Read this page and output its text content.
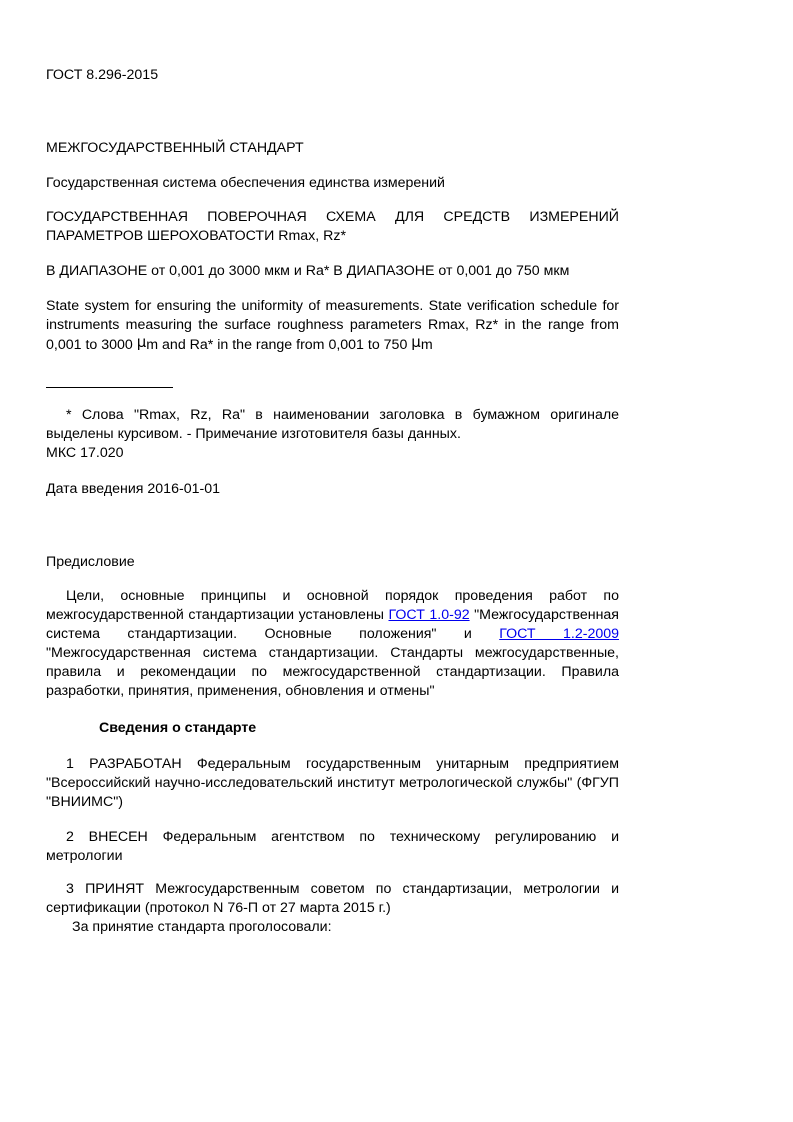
ГОСТ 8.296-2015

МЕЖГОСУДАРСТВЕННЫЙ СТАНДАРТ

Государственная система обеспечения единства измерений

ГОСУДАРСТВЕННАЯ ПОВЕРОЧНАЯ СХЕМА ДЛЯ СРЕДСТВ ИЗМЕРЕНИЙ ПАРАМЕТРОВ ШЕРОХОВАТОСТИ Rmax, Rz*

В ДИАПАЗОНЕ от 0,001 до 3000 мкм и Ra* В ДИАПАЗОНЕ от 0,001 до 750 мкм

State system for ensuring the uniformity of measurements. State verification schedule for instruments measuring the surface roughness parameters Rmax, Rz* in the range from 0,001 to 3000 μm and Ra* in the range from 0,001 to 750 μm

* Слова "Rmax, Rz, Ra" в наименовании заголовка в бумажном оригинале выделены курсивом. - Примечание изготовителя базы данных.

МКС 17.020

Дата введения 2016-01-01

Предисловие

Цели, основные принципы и основной порядок проведения работ по межгосударственной стандартизации установлены ГОСТ 1.0-92 "Межгосударственная система стандартизации. Основные положения" и ГОСТ 1.2-2009 "Межгосударственная система стандартизации. Стандарты межгосударственные, правила и рекомендации по межгосударственной стандартизации. Правила разработки, принятия, применения, обновления и отмены"

Сведения о стандарте

1 РАЗРАБОТАН Федеральным государственным унитарным предприятием "Всероссийский научно-исследовательский институт метрологической службы" (ФГУП "ВНИИМС")

2 ВНЕСЕН Федеральным агентством по техническому регулированию и метрологии

3 ПРИНЯТ Межгосударственным советом по стандартизации, метрологии и сертификации (протокол N 76-П от 27 марта 2015 г.)

За принятие стандарта проголосовали:
